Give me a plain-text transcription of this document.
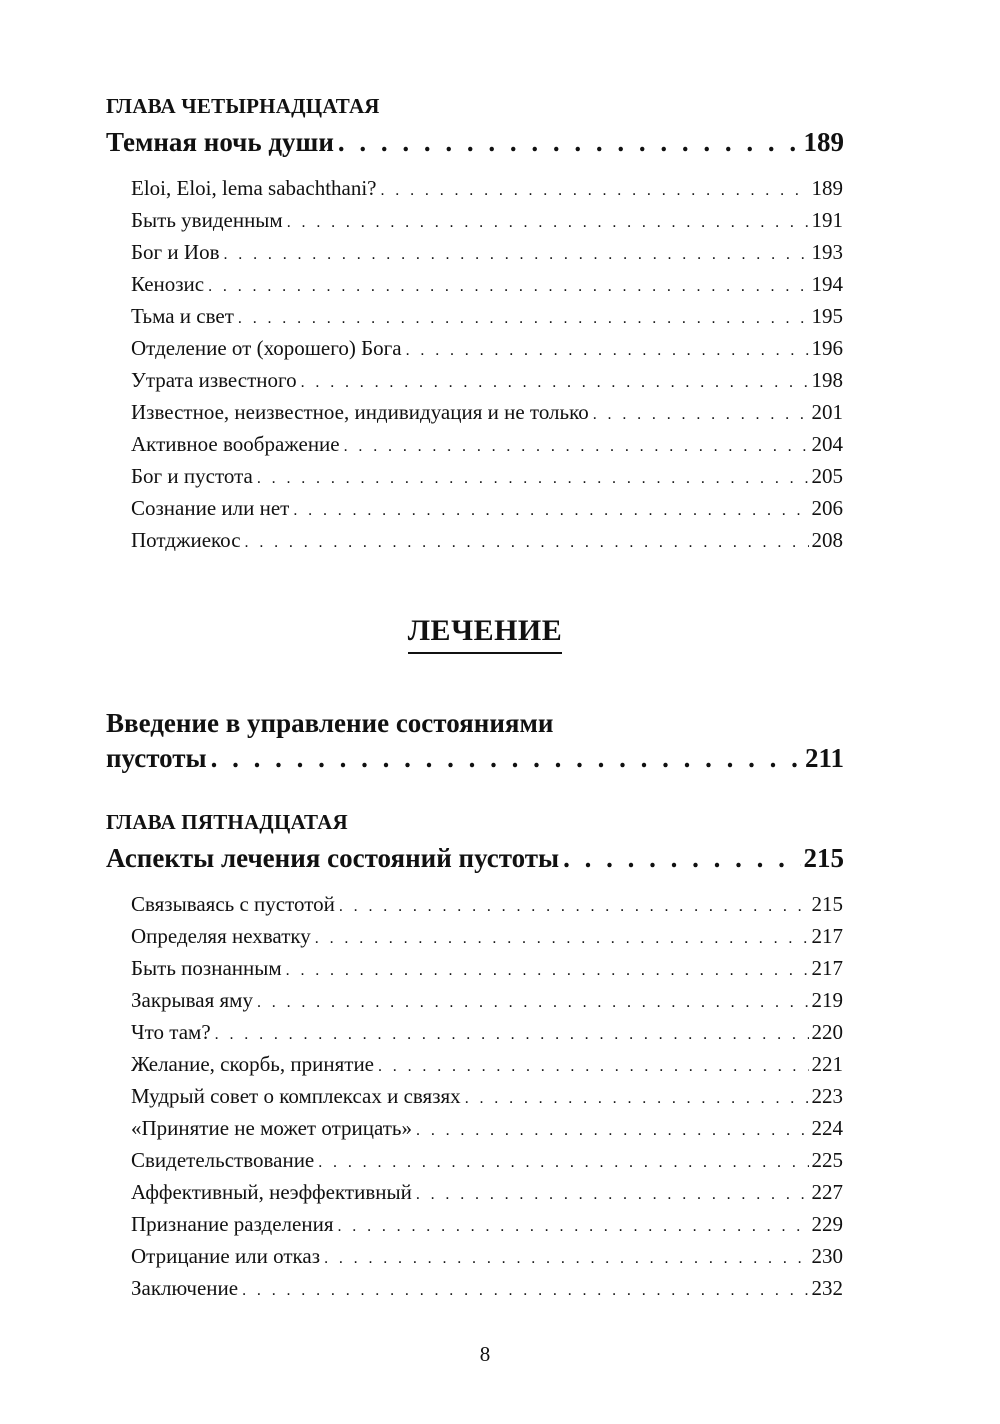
ГЛАВА ЧЕТЫРНАДЦАТАЯ
Темная ночь души . . .	189
Eloi, Eloi, lema sabachthani? . . .	189
Быть увиденным . . .	191
Бог и Иов . . .	193
Кенозис . . .	194
Тьма и свет . . .	195
Отделение от (хорошего) Бога . . .	196
Утрата известного . . .	198
Известное, неизвестное, индивидуация и не только . . .	201
Активное воображение . . .	204
Бог и пустота . . .	205
Сознание или нет . . .	206
Потджиекос . . .	208
ЛЕЧЕНИЕ
Введение в управление состояниями
пустоты . . .	211
ГЛАВА ПЯТНАДЦАТАЯ
Аспекты лечения состояний пустоты . . .	215
Связываясь с пустотой . . .	215
Определяя нехватку . . .	217
Быть познанным . . .	217
Закрывая яму . . .	219
Что там? . . .	220
Желание, скорбь, принятие . . .	221
Мудрый совет о комплексах и связях . . .	223
«Принятие не может отрицать» . . .	224
Свидетельствование . . .	225
Аффективный, неэффективный . . .	227
Признание разделения . . .	229
Отрицание или отказ . . .	230
Заключение . . .	232
8
